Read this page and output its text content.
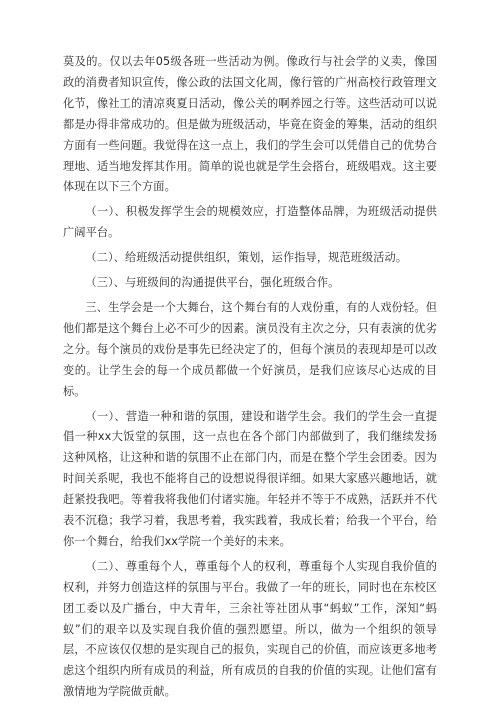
莫及的。仅以去年05级各班一些活动为例。像政行与社会学的义卖，像国政的消费者知识宣传，像公政的法国文化周，像行管的广州高校行政管理文化节，像社工的清凉爽夏日活动，像公关的啊养园之行等。这些活动可以说都是办得非常成功的。但是做为班级活动，毕竟在资金的筹集，活动的组织方面有一些问题。我觉得在这一点上，我们的学生会可以凭借自己的优势合理地、适当地发挥其作用。简单的说也就是学生会搭台，班级唱戏。这主要体现在以下三个方面。

（一）、积极发挥学生会的规模效应，打造整体品牌，为班级活动提供广阔平台。

（二）、给班级活动提供组织，策划，运作指导，规范班级活动。

（三）、与班级间的沟通提供平台，强化班级合作。

三、生学会是一个大舞台，这个舞台有的人戏份重，有的人戏份轻。但他们都是这个舞台上必不可少的因素。演员没有主次之分，只有表演的优劣之分。每个演员的戏份是事先已经决定了的，但每个演员的表现却是可以改变的。让学生会的每一个成员都做一个好演员，是我们应该尽心达成的目标。

（一）、营造一种和谐的氛围，建设和谐学生会。我们的学生会一直提倡一种xx大饭堂的氛围，这一点也在各个部门内部做到了，我们继续发扬这种风格，让这种和谐的氛围不止在部门内，而是在整个学生会团委。因为时间关系呢，我也不能将自己的设想说得很详细。如果大家感兴趣地话，就赶紧投我吧。等着我将我他们付诸实施。年轻并不等于不成熟，活跃并不代表不沉稳；我学习着，我思考着，我实践着，我成长着；给我一个平台，给你一个舞台，给我们xx学院一个美好的未来。

（二）、尊重每个人，尊重每个人的权利，尊重每个人实现自我价值的权利，并努力创造这样的氛围与平台。我做了一年的班长，同时也在东校区团工委以及广播台，中大青年，三余社等社团从事“蚂蚁”工作，深知“蚂蚁”们的艰辛以及实现自我价值的强烈愿望。所以，做为一个组织的领导层，不应该仅仅想的是实现自己的报负，实现自己的价值，而应该更多地考虑这个组织内所有成员的利益，所有成员的自我的价值的实现。让他们富有激情地为学院做贡献。
